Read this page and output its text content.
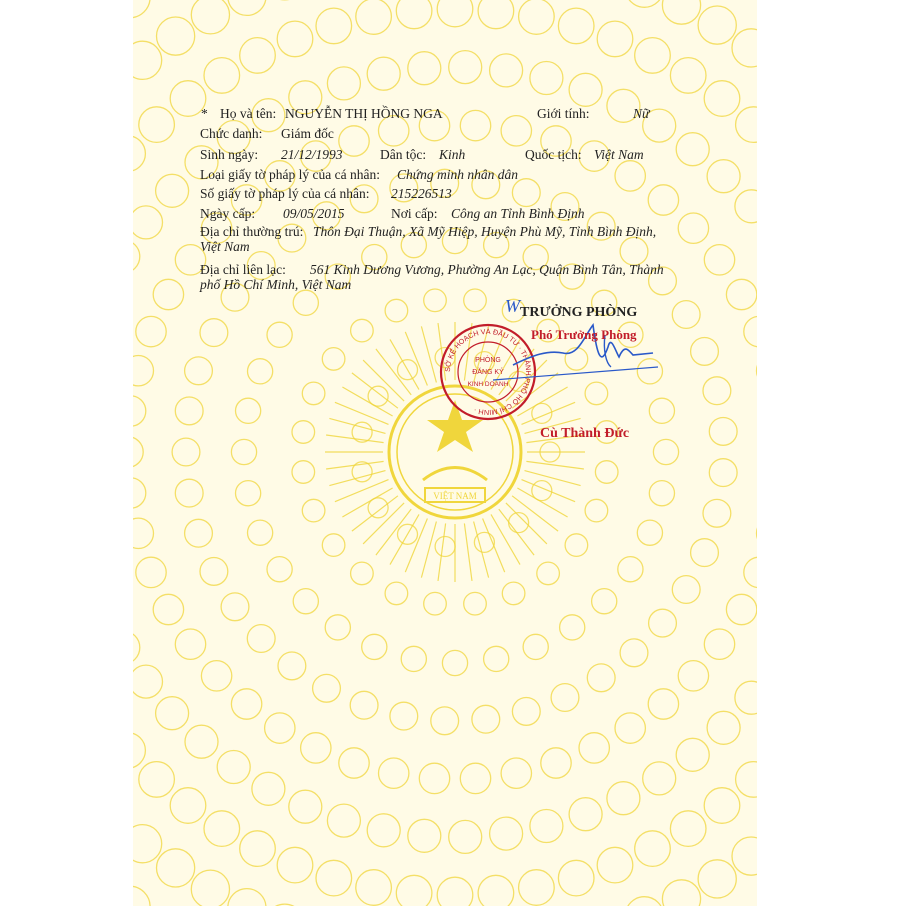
VIỆT NAM
* Họ và tên: NGUYỄN THỊ HỒNG NGA	Giới tính:	Nữ
Chức danh: Giám đốc
Sinh ngày: 21/12/1993	Dân tộc: Kinh	Quốc tịch: Việt Nam
Loại giấy tờ pháp lý của cá nhân: Chứng minh nhân dân
Số giấy tờ pháp lý của cá nhân: 215226513
Ngày cấp: 09/05/2015	Nơi cấp: Công an Tỉnh Bình Định
Địa chỉ thường trú: Thôn Đại Thuận, Xã Mỹ Hiệp, Huyện Phù Mỹ, Tỉnh Bình Định,
Việt Nam
Địa chỉ liên lạc: 561 Kinh Dương Vương, Phường An Lạc, Quận Bình Tân, Thành
phố Hồ Chí Minh, Việt Nam
SỞ KẾ HOẠCH VÀ ĐẦU TƯ · THÀNH PHỐ HỒ CHÍ MINH ·
PHÒNG
ĐĂNG KÝ
KINH DOANH
W TRƯỞNG PHÒNG
Phó Trưởng Phòng
Cù Thành Đức
